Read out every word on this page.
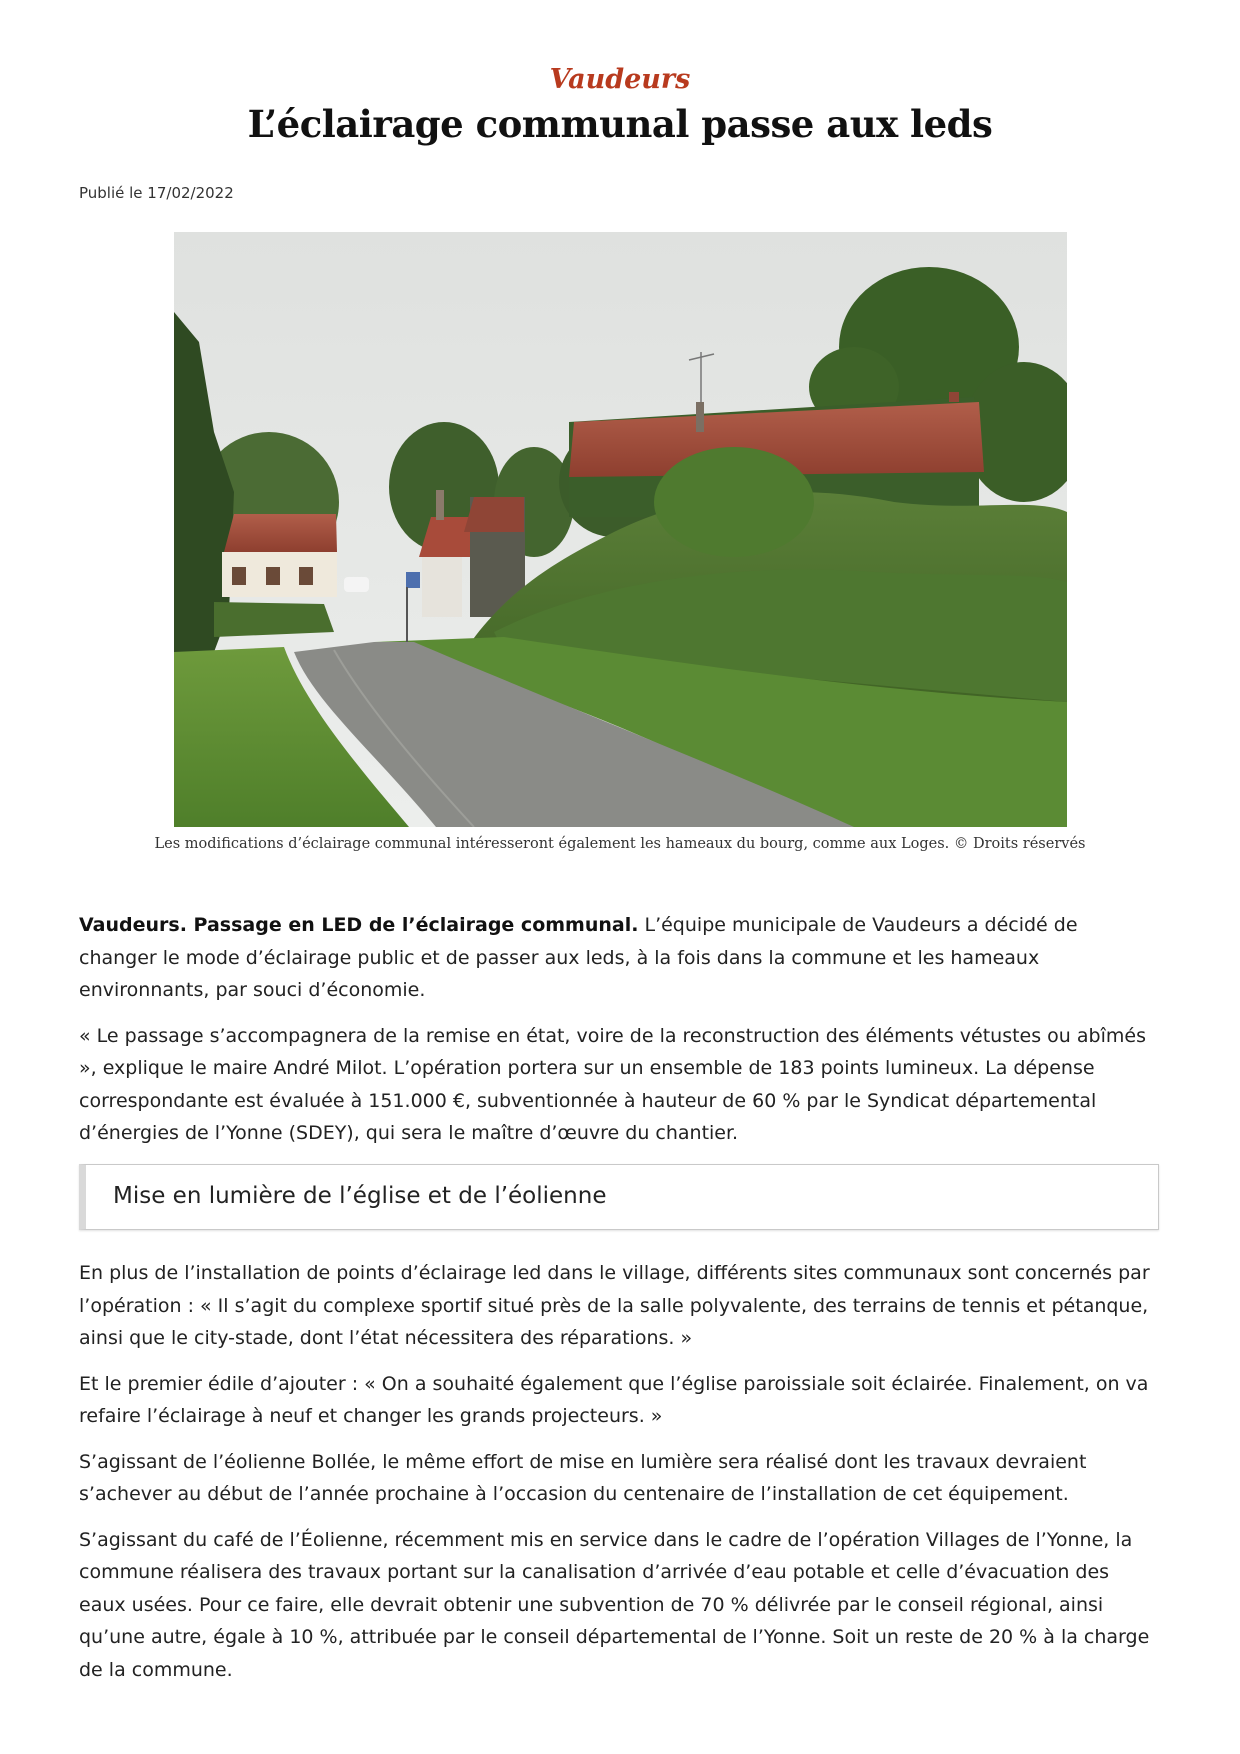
Vaudeurs
L’éclairage communal passe aux leds
Publié le 17/02/2022
Les modifications d’éclairage communal intéresseront également les hameaux du bourg, comme aux Loges. © Droits réservés

Vaudeurs. Passage en LED de l’éclairage communal. L’équipe municipale de Vaudeurs a décidé de changer le mode d’éclairage public et de passer aux leds, à la fois dans la commune et les hameaux environnants, par souci d’économie.

« Le passage s’accompagnera de la remise en état, voire de la reconstruction des éléments vétustes ou abîmés », explique le maire André Milot. L’opération portera sur un ensemble de 183 points lumineux. La dépense correspondante est évaluée à 151.000 €, subventionnée à hauteur de 60 % par le Syndicat départemental d’énergies de l’Yonne (SDEY), qui sera le maître d’œuvre du chantier.

Mise en lumière de l’église et de l’éolienne

En plus de l’installation de points d’éclairage led dans le village, différents sites communaux sont concernés par l’opération : « Il s’agit du complexe sportif situé près de la salle polyvalente, des terrains de tennis et pétanque, ainsi que le city-stade, dont l’état nécessitera des réparations. »

Et le premier édile d’ajouter : « On a souhaité également que l’église paroissiale soit éclairée. Finalement, on va refaire l’éclairage à neuf et changer les grands projecteurs. »

S’agissant de l’éolienne Bollée, le même effort de mise en lumière sera réalisé dont les travaux devraient s’achever au début de l’année prochaine à l’occasion du centenaire de l’installation de cet équipement.

S’agissant du café de l’Éolienne, récemment mis en service dans le cadre de l’opération Villages de l’Yonne, la commune réalisera des travaux portant sur la canalisation d’arrivée d’eau potable et celle d’évacuation des eaux usées. Pour ce faire, elle devrait obtenir une subvention de 70 % délivrée par le conseil régional, ainsi qu’une autre, égale à 10 %, attribuée par le conseil départemental de l’Yonne. Soit un reste de 20 % à la charge de la commune.
